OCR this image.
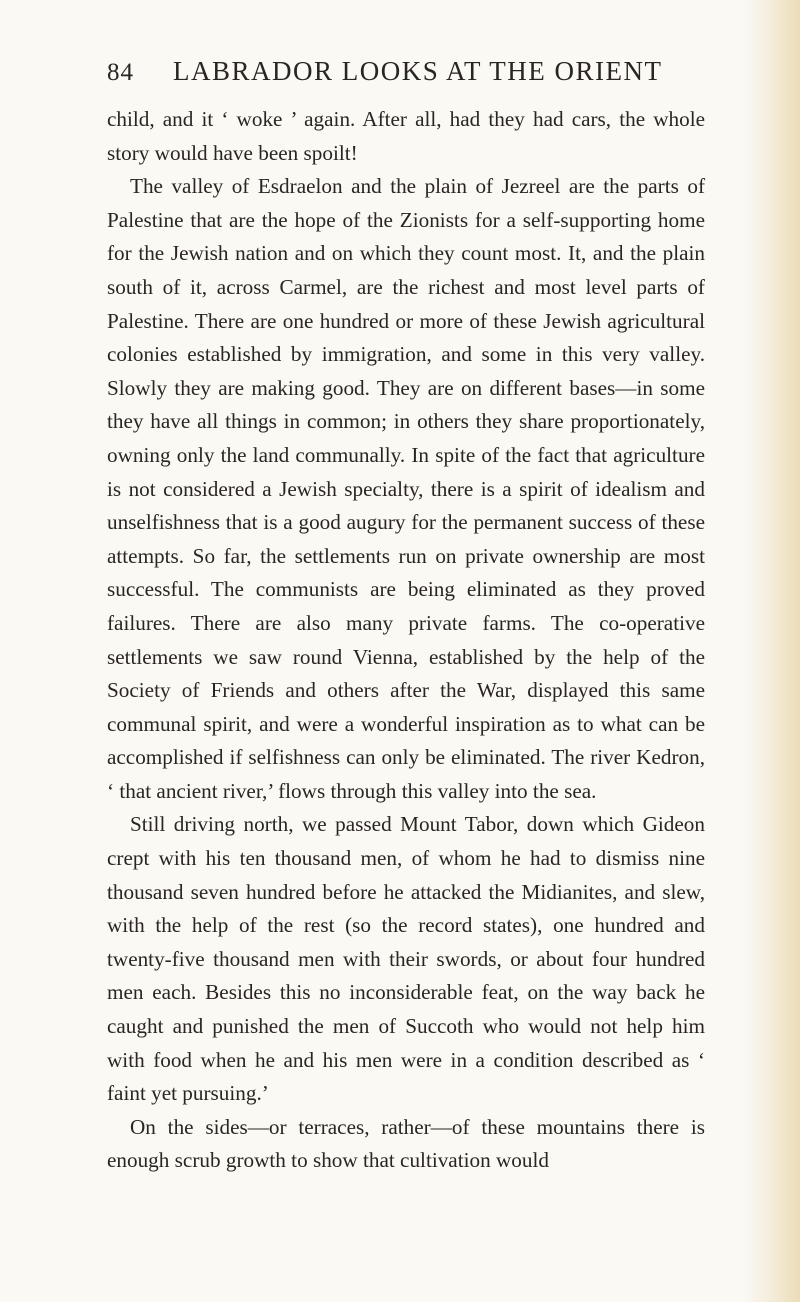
84	LABRADOR LOOKS AT THE ORIENT

child, and it ‘ woke ’ again. After all, had they had cars, the whole story would have been spoilt!

The valley of Esdraelon and the plain of Jezreel are the parts of Palestine that are the hope of the Zionists for a self-supporting home for the Jewish nation and on which they count most. It, and the plain south of it, across Carmel, are the richest and most level parts of Palestine. There are one hundred or more of these Jewish agricultural colonies established by immigration, and some in this very valley. Slowly they are making good. They are on different bases—in some they have all things in common; in others they share proportionately, owning only the land communally. In spite of the fact that agriculture is not considered a Jewish specialty, there is a spirit of idealism and unselfishness that is a good augury for the permanent success of these attempts. So far, the settlements run on private ownership are most successful. The communists are being eliminated as they proved failures. There are also many private farms. The co-operative settlements we saw round Vienna, established by the help of the Society of Friends and others after the War, displayed this same communal spirit, and were a wonderful inspiration as to what can be accomplished if selfishness can only be eliminated. The river Kedron, ‘ that ancient river,’ flows through this valley into the sea.

Still driving north, we passed Mount Tabor, down which Gideon crept with his ten thousand men, of whom he had to dismiss nine thousand seven hundred before he attacked the Midianites, and slew, with the help of the rest (so the record states), one hundred and twenty-five thousand men with their swords, or about four hundred men each. Besides this no inconsiderable feat, on the way back he caught and punished the men of Succoth who would not help him with food when he and his men were in a condition described as ‘ faint yet pursuing.’

On the sides—or terraces, rather—of these mountains there is enough scrub growth to show that cultivation would
